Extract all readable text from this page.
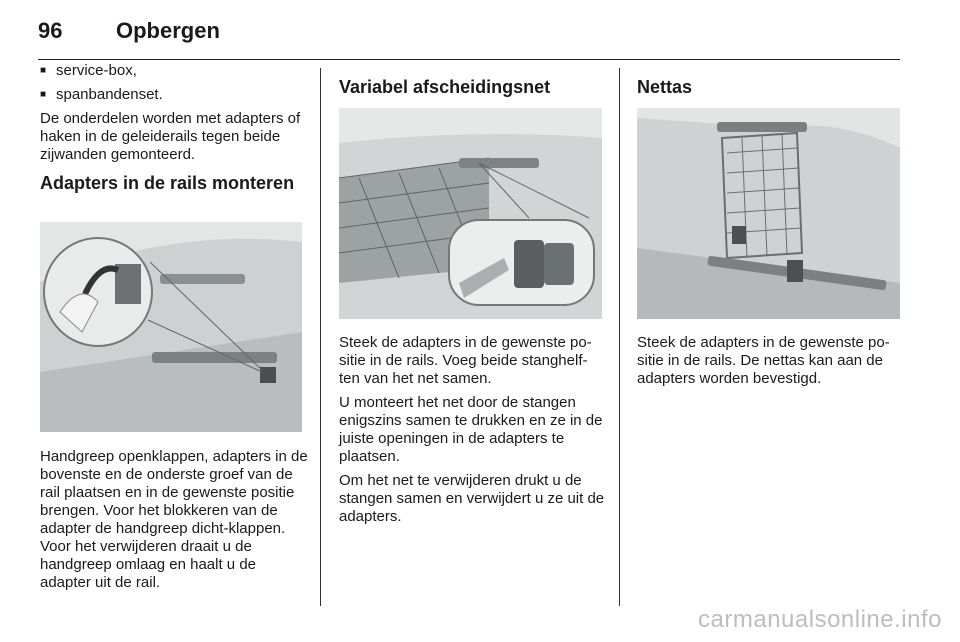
96 Opbergen

■ service-box,

■ spanbandenset.

De onderdelen worden met adapters of haken in de geleiderails tegen beide zijwanden gemonteerd.

Adapters in de rails monteren

Handgreep openklappen, adapters in de bovenste en de onderste groef van de rail plaatsen en in de gewenste positie brengen. Voor het blokkeren van de adapter de handgreep dicht-klappen. Voor het verwijderen draait u de handgreep omlaag en haalt u de adapter uit de rail.

Variabel afscheidingsnet

Steek de adapters in de gewenste po-sitie in de rails. Voeg beide stanghelf-ten van het net samen.

U monteert het net door de stangen enigszins samen te drukken en ze in de juiste openingen in de adapters te plaatsen.

Om het net te verwijderen drukt u de stangen samen en verwijdert u ze uit de adapters.

Nettas

Steek de adapters in de gewenste po-sitie in de rails. De nettas kan aan de adapters worden bevestigd.

carmanualsonline.info
